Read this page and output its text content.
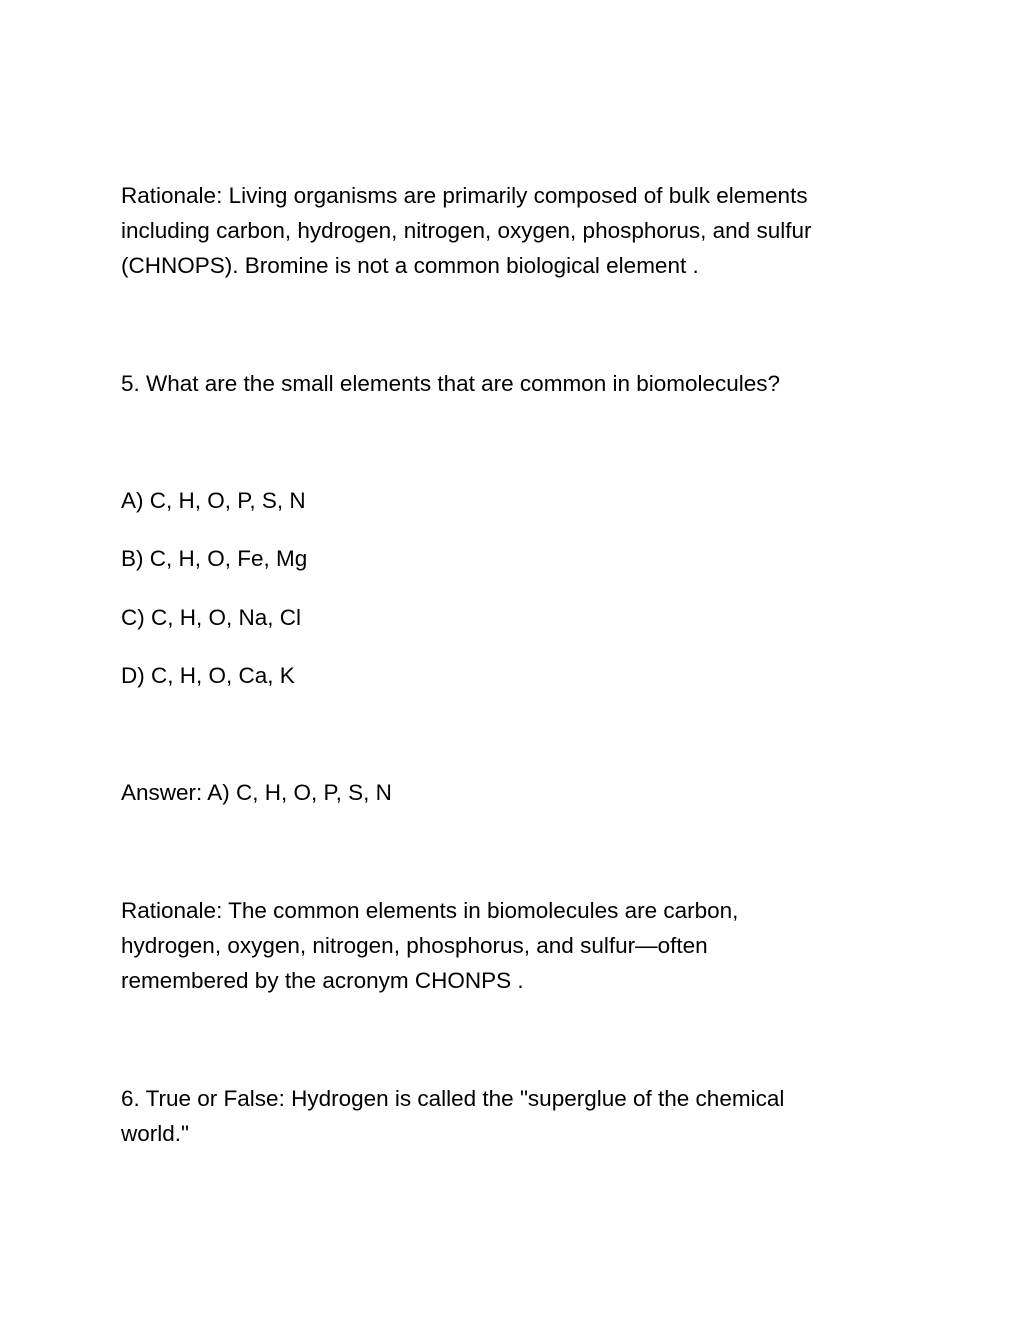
Rationale: Living organisms are primarily composed of bulk elements
including carbon, hydrogen, nitrogen, oxygen, phosphorus, and sulfur
(CHNOPS). Bromine is not a common biological element .
5. What are the small elements that are common in biomolecules?
A) C, H, O, P, S, N
B) C, H, O, Fe, Mg
C) C, H, O, Na, Cl
D) C, H, O, Ca, K
Answer: A) C, H, O, P, S, N
Rationale: The common elements in biomolecules are carbon,
hydrogen, oxygen, nitrogen, phosphorus, and sulfur—often
remembered by the acronym CHONPS .
6. True or False: Hydrogen is called the "superglue of the chemical
world."
